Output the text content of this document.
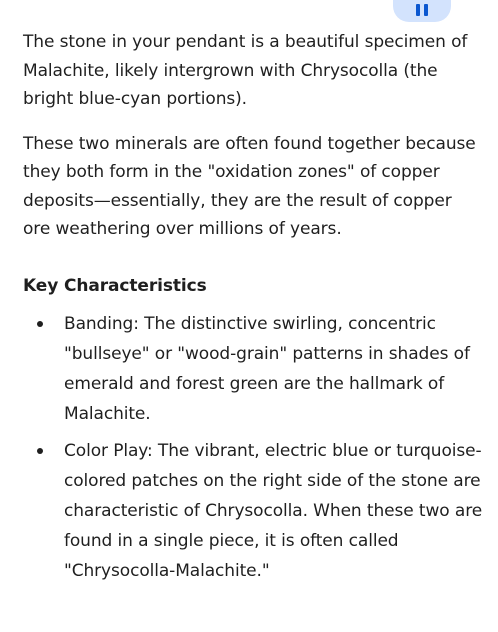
The stone in your pendant is a beautiful specimen of Malachite, likely intergrown with Chrysocolla (the bright blue-cyan portions).

These two minerals are often found together because they both form in the "oxidation zones" of copper deposits—essentially, they are the result of copper ore weathering over millions of years.

Key Characteristics
Banding: The distinctive swirling, concentric "bullseye" or "wood-grain" patterns in shades of emerald and forest green are the hallmark of Malachite.
Color Play: The vibrant, electric blue or turquoise-colored patches on the right side of the stone are characteristic of Chrysocolla. When these two are found in a single piece, it is often called "Chrysocolla-Malachite."
